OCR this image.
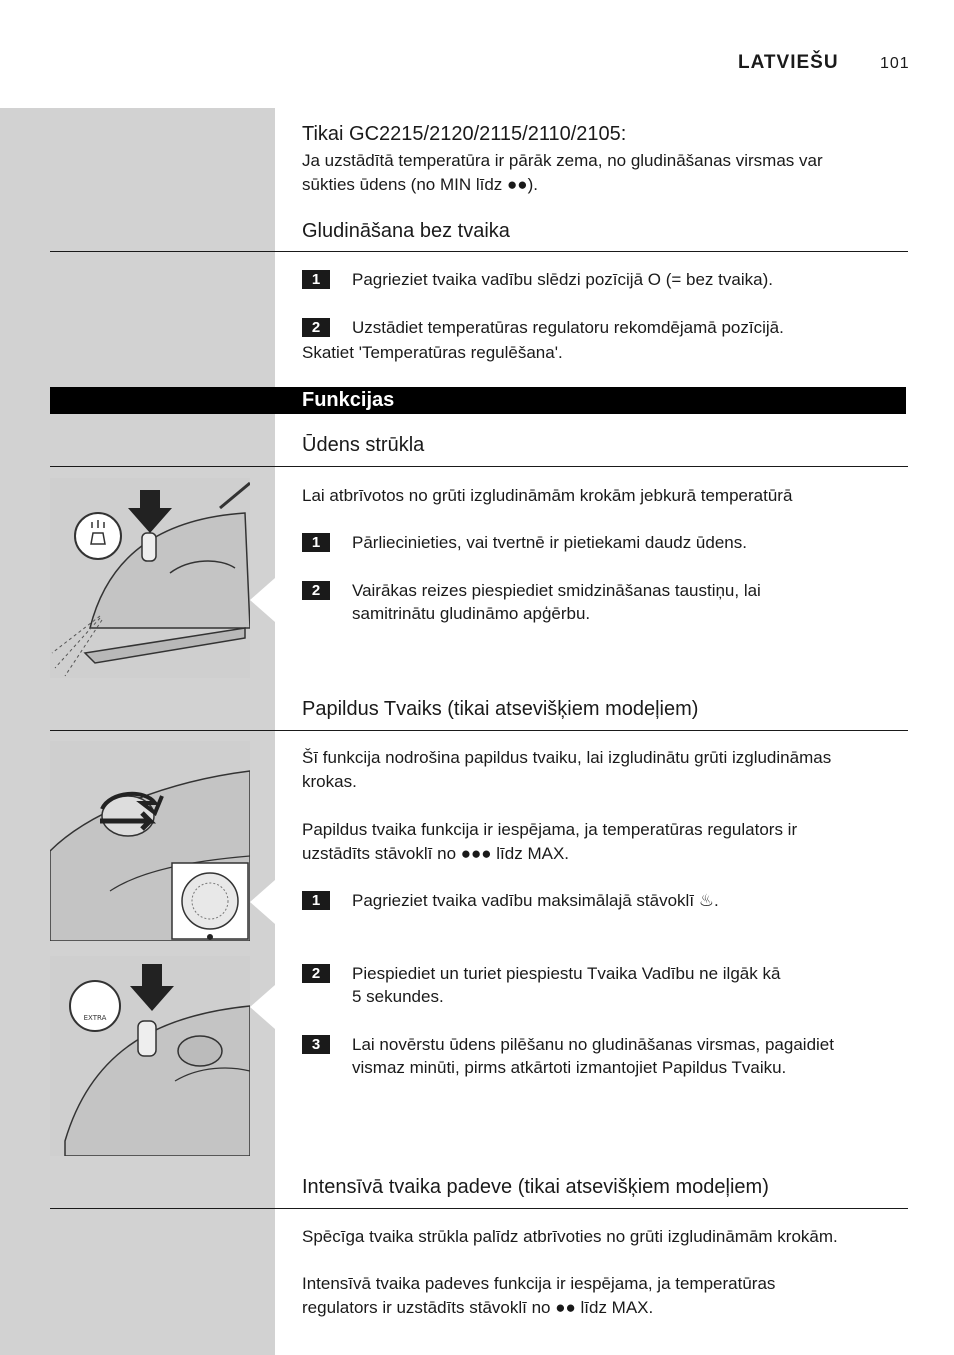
LATVIEŠU	101
Tikai GC2215/2120/2115/2110/2105:
Ja uzstādītā temperatūra ir pārāk zema, no gludināšanas virsmas var
sūkties ūdens (no MIN līdz ●●).
Gludināšana bez tvaika
1	Pagrieziet tvaika vadību slēdzi pozīcijā O (= bez tvaika).
2	Uzstādiet temperatūras regulatoru rekomdējamā pozīcijā.
Skatiet 'Temperatūras regulēšana'.
Funkcijas
Ūdens strūkla
Lai atbrīvotos no grūti izgludināmām krokām jebkurā temperatūrā
1	Pārliecinieties, vai tvertnē ir pietiekami daudz ūdens.
2	Vairākas reizes piespiediet smidzināšanas taustiņu, lai
samitrinātu gludināmo apģērbu.
Papildus Tvaiks (tikai atsevišķiem modeļiem)
EXTRA
Šī funkcija nodrošina papildus tvaiku, lai izgludinātu grūti izgludināmas
krokas.
Papildus tvaika funkcija ir iespējama, ja temperatūras regulators ir
uzstādīts stāvoklī no ●●● līdz MAX.
1	Pagrieziet tvaika vadību maksimālajā stāvoklī ♨.
2	Piespiediet un turiet piespiestu Tvaika Vadību ne ilgāk kā
5 sekundes.
3	Lai novērstu ūdens pilēšanu no gludināšanas virsmas, pagaidiet
vismaz minūti, pirms atkārtoti izmantojiet Papildus Tvaiku.
Intensīvā tvaika padeve (tikai atsevišķiem modeļiem)
Spēcīga tvaika strūkla palīdz atbrīvoties no grūti izgludināmām krokām.
Intensīvā tvaika padeves funkcija ir iespējama, ja temperatūras
regulators ir uzstādīts stāvoklī no ●● līdz MAX.
